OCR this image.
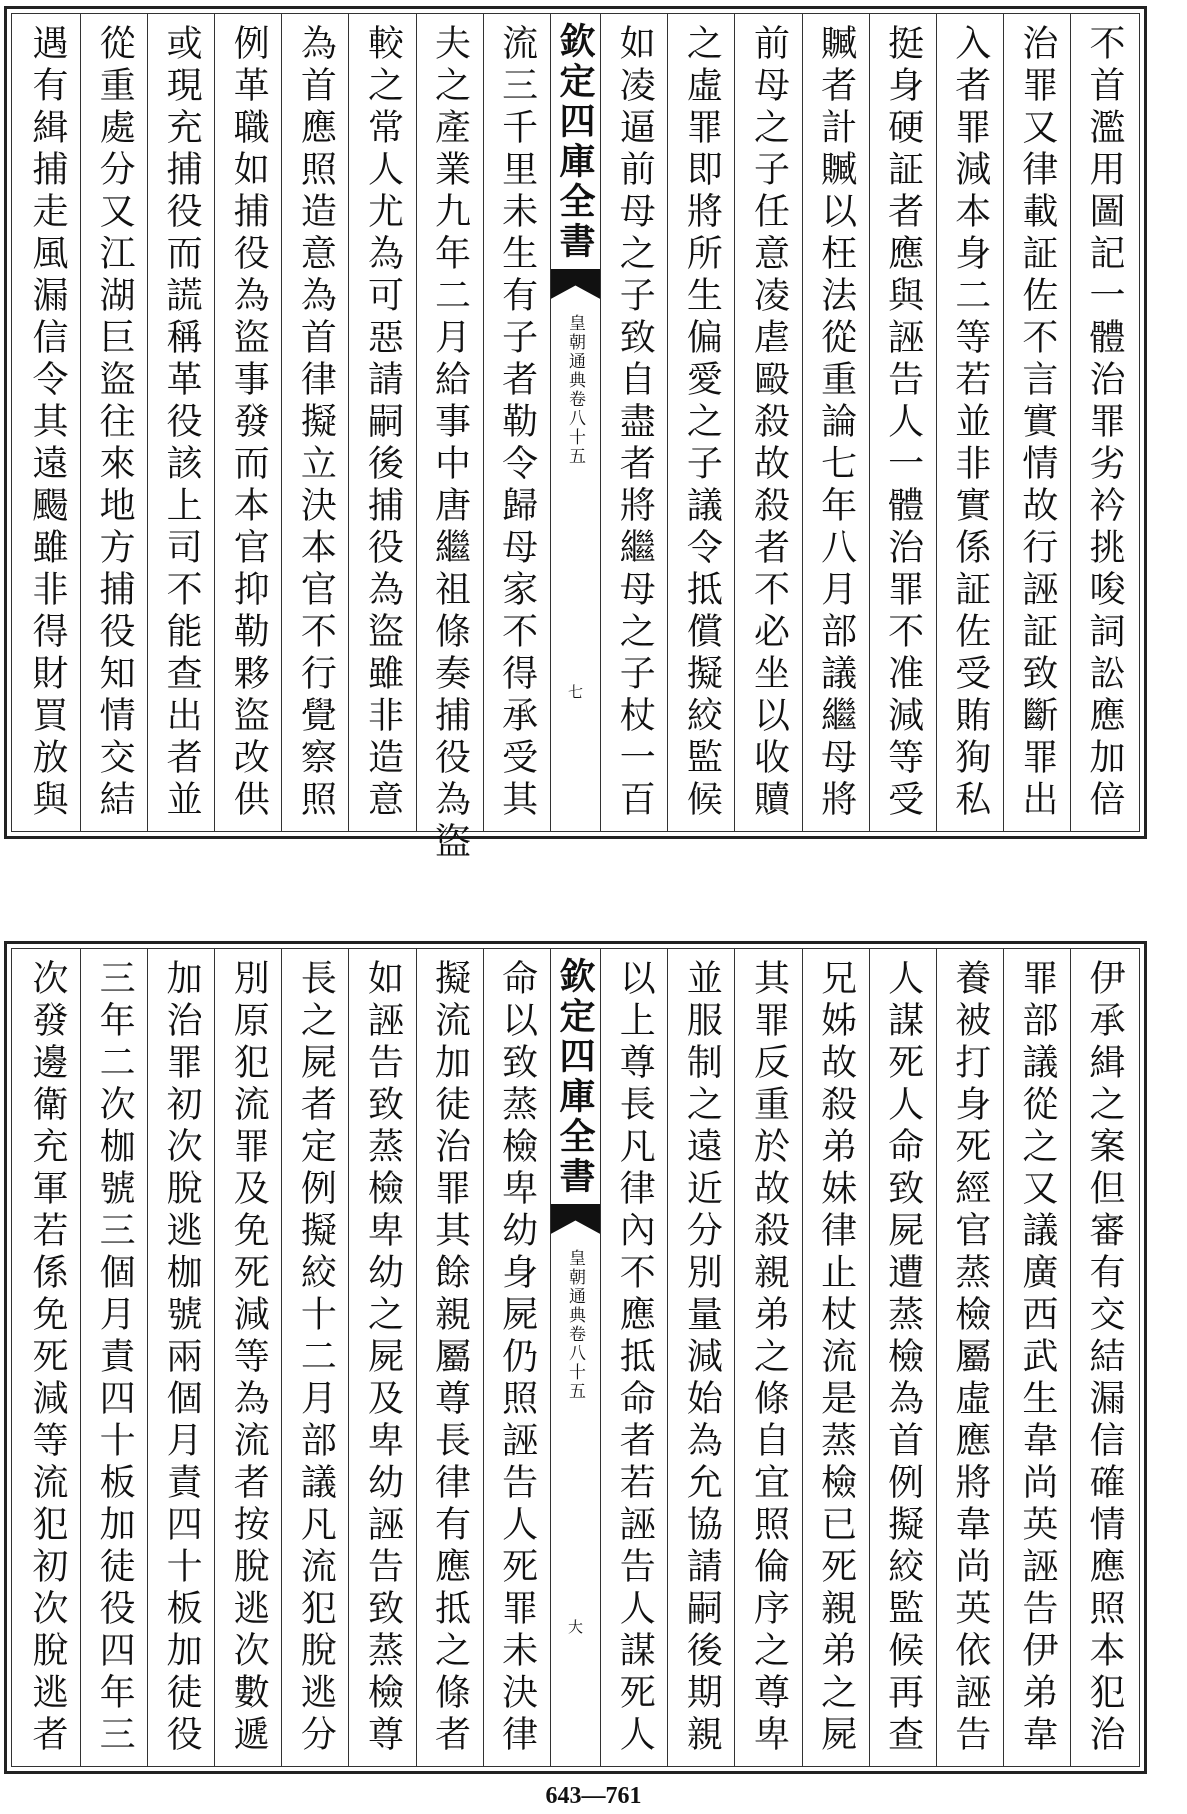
不首濫用圖記一體治罪劣衿挑唆詞訟應加倍
治罪又律載証佐不言實情故行誣証致斷罪出
入者罪減本身二等若並非實係証佐受賄狥私
挺身硬証者應與誣告人一體治罪不准減等受
贓者計贓以枉法從重論七年八月部議繼母將
前母之子任意凌虐毆殺故殺者不必坐以收贖
之虛罪即將所生偏愛之子議令抵償擬絞監候
如凌逼前母之子致自盡者將繼母之子杖一百
欽定四庫全書
皇朝通典卷八十五
七
流三千里未生有子者勒令歸母家不得承受其
夫之產業九年二月給事中唐繼祖條奏捕役為盜
較之常人尤為可惡請嗣後捕役為盜雖非造意
為首應照造意為首律擬立決本官不行覺察照
例革職如捕役為盜事發而本官抑勒夥盜改供
或現充捕役而謊稱革役該上司不能查出者並
從重處分又江湖巨盜往來地方捕役知情交結
遇有緝捕走風漏信令其遠颺雖非得財買放與
伊承緝之案但審有交結漏信確情應照本犯治
罪部議從之又議廣西武生韋尚英誣告伊弟韋
養被打身死經官蒸檢屬虛應將韋尚英依誣告
人謀死人命致屍遭蒸檢為首例擬絞監候再查
兄姊故殺弟妹律止杖流是蒸檢已死親弟之屍
其罪反重於故殺親弟之條自宜照倫序之尊卑
並服制之遠近分別量減始為允協請嗣後期親
以上尊長凡律內不應抵命者若誣告人謀死人
欽定四庫全書
皇朝通典卷八十五
大
命以致蒸檢卑幼身屍仍照誣告人死罪未決律
擬流加徒治罪其餘親屬尊長律有應抵之條者
如誣告致蒸檢卑幼之屍及卑幼誣告致蒸檢尊
長之屍者定例擬絞十二月部議凡流犯脫逃分
別原犯流罪及免死減等為流者按脫逃次數遞
加治罪初次脫逃枷號兩個月責四十板加徒役
三年二次枷號三個月責四十板加徒役四年三
次發邊衛充軍若係免死減等流犯初次脫逃者
643—761
